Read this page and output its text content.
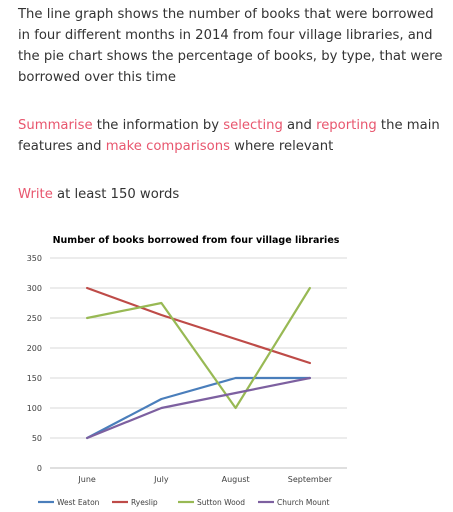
The line graph shows the number of books that were borrowed in four different months in 2014 from four village libraries, and the pie chart shows the percentage of books, by type, that were borrowed over this time

Summarise the information by selecting and reporting the main features and make comparisons where relevant

Write at least 150 words

0
50
100
150
200
250
300
350
June	July	August	September
West Eaton	Ryeslip	Sutton Wood	Church Mount
Number of books borrowed from four village libraries
